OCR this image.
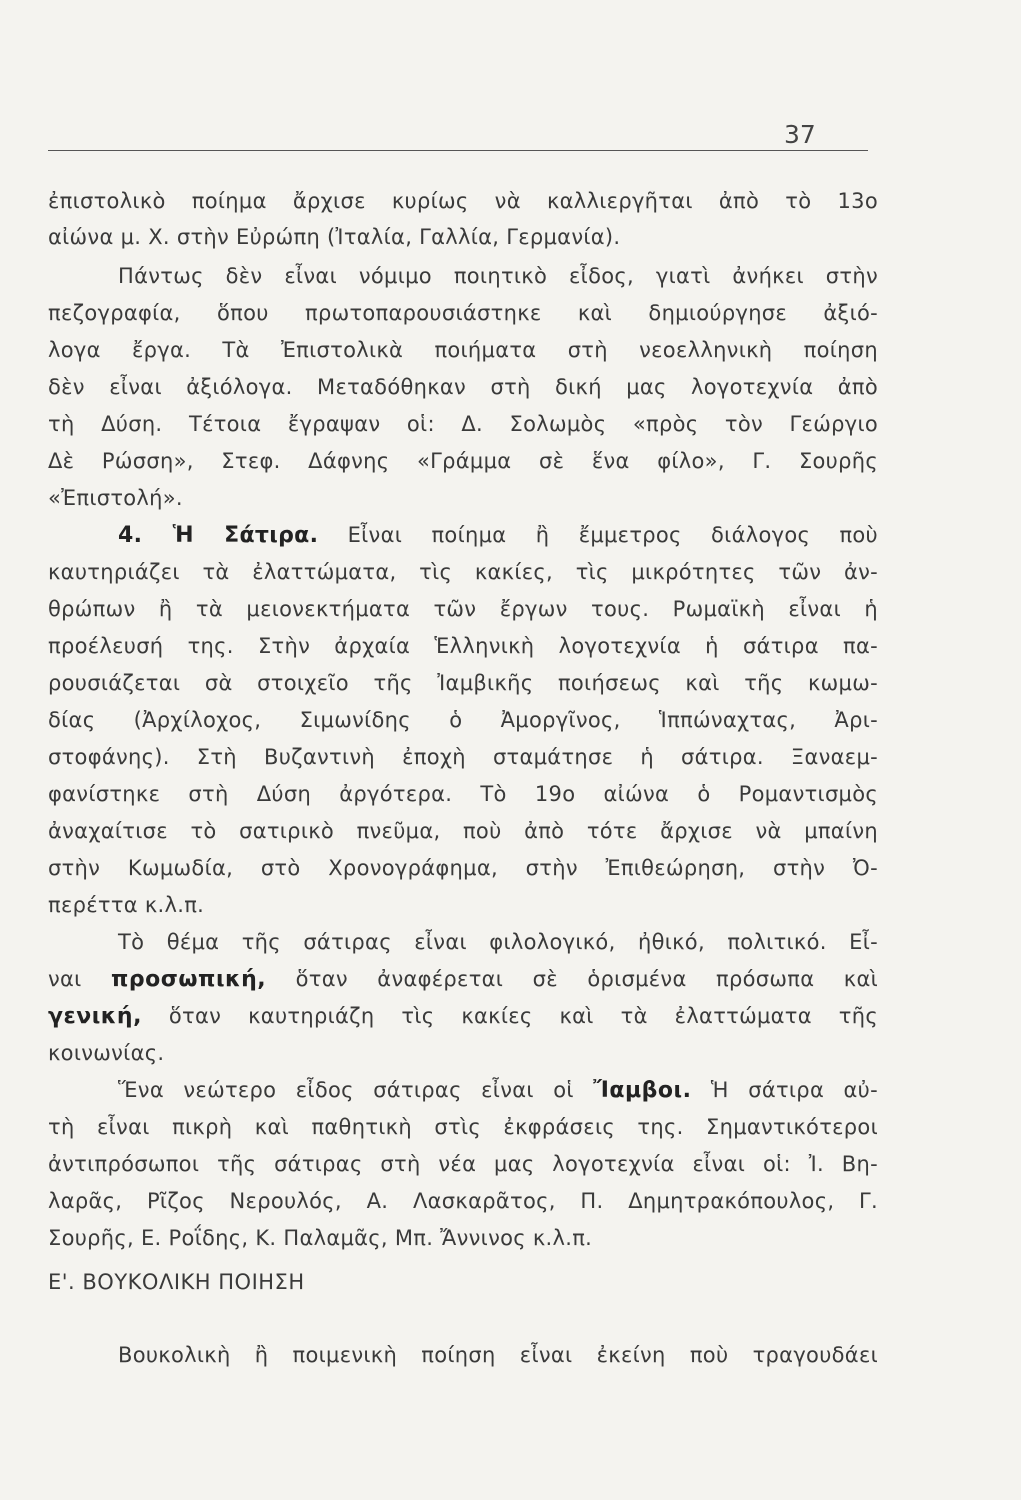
37
ἐπιστολικὸ ποίημα ἄρχισε κυρίως νὰ καλλιεργῆται ἀπὸ τὸ 13ο
αἰώνα μ. Χ. στὴν Εὐρώπη (Ἰταλία, Γαλλία, Γερμανία).
Πάντως δὲν εἶναι νόμιμο ποιητικὸ εἶδος, γιατὶ ἀνήκει στὴν
πεζογραφία, ὅπου πρωτοπαρουσιάστηκε καὶ δημιούργησε ἀξιό-
λογα ἔργα. Τὰ Ἐπιστολικὰ ποιήματα στὴ νεοελληνικὴ ποίηση
δὲν εἶναι ἀξιόλογα. Μεταδόθηκαν στὴ δική μας λογοτεχνία ἀπὸ
τὴ Δύση. Τέτοια ἔγραψαν οἱ: Δ. Σολωμὸς «πρὸς τὸν Γεώργιο
Δὲ Ρώσση», Στεφ. Δάφνης «Γράμμα σὲ ἕνα φίλο», Γ. Σουρῆς
«Ἐπιστολή».
4. Ἡ Σάτιρα. Εἶναι ποίημα ἢ ἔμμετρος διάλογος ποὺ
καυτηριάζει τὰ ἐλαττώματα, τὶς κακίες, τὶς μικρότητες τῶν ἀν-
θρώπων ἢ τὰ μειονεκτήματα τῶν ἔργων τους. Ρωμαϊκὴ εἶναι ἡ
προέλευσή της. Στὴν ἀρχαία Ἑλληνικὴ λογοτεχνία ἡ σάτιρα πα-
ρουσιάζεται σὰ στοιχεῖο τῆς Ἰαμβικῆς ποιήσεως καὶ τῆς κωμω-
δίας (Ἀρχίλοχος, Σιμωνίδης ὁ Ἀμοργῖνος, Ἱππώναχτας, Ἀρι-
στοφάνης). Στὴ Βυζαντινὴ ἐποχὴ σταμάτησε ἡ σάτιρα. Ξαναεμ-
φανίστηκε στὴ Δύση ἀργότερα. Τὸ 19ο αἰώνα ὁ Ρομαντισμὸς
ἀναχαίτισε τὸ σατιρικὸ πνεῦμα, ποὺ ἀπὸ τότε ἄρχισε νὰ μπαίνη
στὴν Κωμωδία, στὸ Χρονογράφημα, στὴν Ἐπιθεώρηση, στὴν Ὀ-
περέττα κ.λ.π.
Τὸ θέμα τῆς σάτιρας εἶναι φιλολογικό, ἠθικό, πολιτικό. Εἶ-
ναι προσωπική, ὅταν ἀναφέρεται σὲ ὁρισμένα πρόσωπα καὶ
γενική, ὅταν καυτηριάζη τὶς κακίες καὶ τὰ ἐλαττώματα τῆς
κοινωνίας.
Ἕνα νεώτερο εἶδος σάτιρας εἶναι οἱ Ἴαμβοι. Ἡ σάτιρα αὐ-
τὴ εἶναι πικρὴ καὶ παθητικὴ στὶς ἐκφράσεις της. Σημαντικότεροι
ἀντιπρόσωποι τῆς σάτιρας στὴ νέα μας λογοτεχνία εἶναι οἱ: Ἰ. Βη-
λαρᾶς, Ρῖζος Νερουλός, Α. Λασκαρᾶτος, Π. Δημητρακόπουλος, Γ.
Σουρῆς, Ε. Ροΐδης, Κ. Παλαμᾶς, Μπ. Ἄννινος κ.λ.π.
Ε'. ΒΟΥΚΟΛΙΚΗ ΠΟΙΗΣΗ
Βουκολικὴ ἢ ποιμενικὴ ποίηση εἶναι ἐκείνη ποὺ τραγουδάει
